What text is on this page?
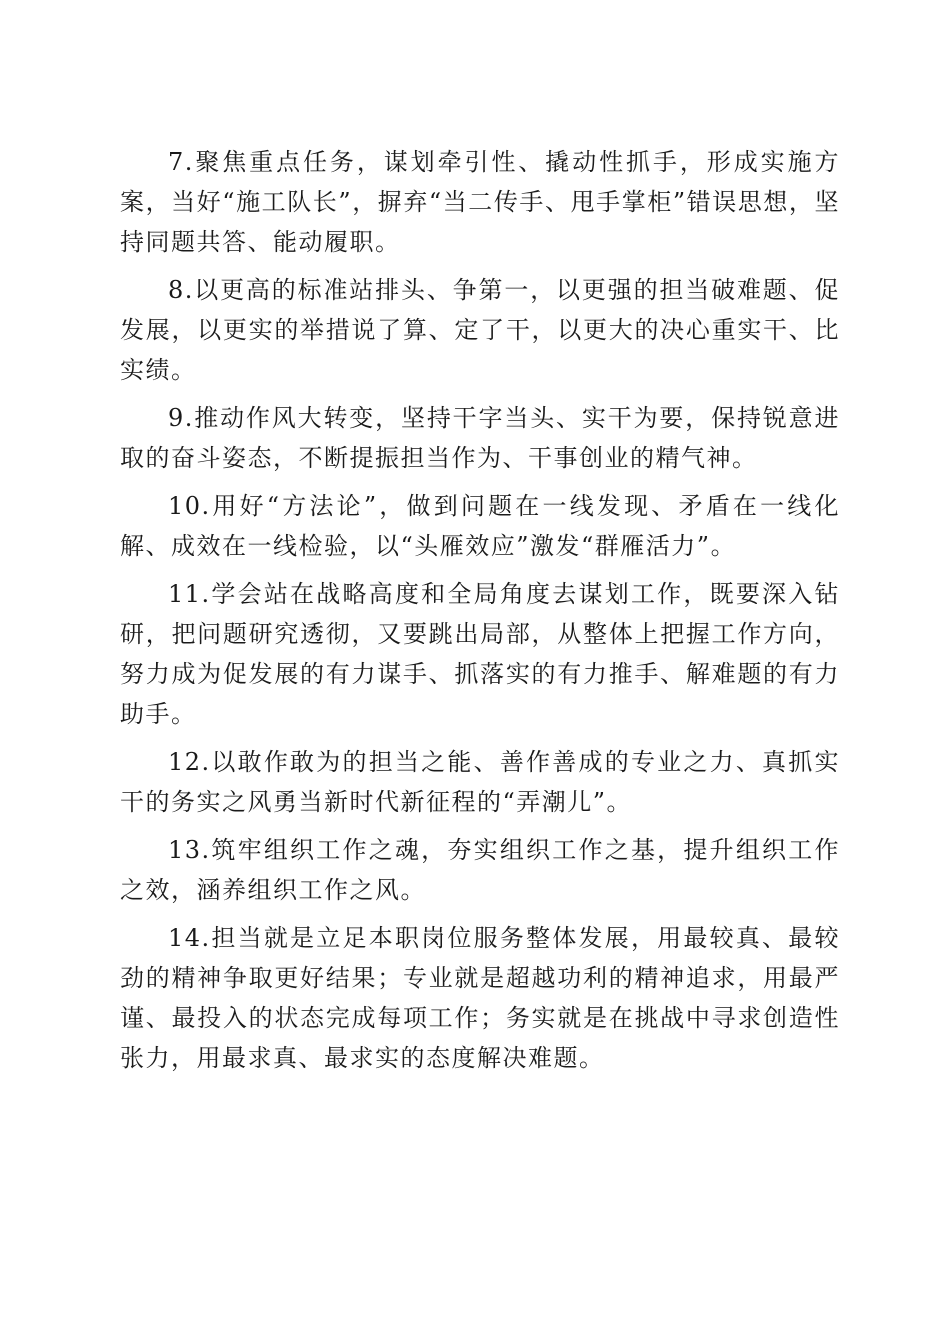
7.聚焦重点任务，谋划牵引性、撬动性抓手，形成实施方案，当好“施工队长”，摒弃“当二传手、甩手掌柜”错误思想，坚持同题共答、能动履职。

8.以更高的标准站排头、争第一，以更强的担当破难题、促发展，以更实的举措说了算、定了干，以更大的决心重实干、比实绩。

9.推动作风大转变，坚持干字当头、实干为要，保持锐意进取的奋斗姿态，不断提振担当作为、干事创业的精气神。

10.用好“方法论”，做到问题在一线发现、矛盾在一线化解、成效在一线检验，以“头雁效应”激发“群雁活力”。

11.学会站在战略高度和全局角度去谋划工作，既要深入钻研，把问题研究透彻，又要跳出局部，从整体上把握工作方向，努力成为促发展的有力谋手、抓落实的有力推手、解难题的有力助手。

12.以敢作敢为的担当之能、善作善成的专业之力、真抓实干的务实之风勇当新时代新征程的“弄潮儿”。

13.筑牢组织工作之魂，夯实组织工作之基，提升组织工作之效，涵养组织工作之风。

14.担当就是立足本职岗位服务整体发展，用最较真、最较劲的精神争取更好结果；专业就是超越功利的精神追求，用最严谨、最投入的状态完成每项工作；务实就是在挑战中寻求创造性张力，用最求真、最求实的态度解决难题。
